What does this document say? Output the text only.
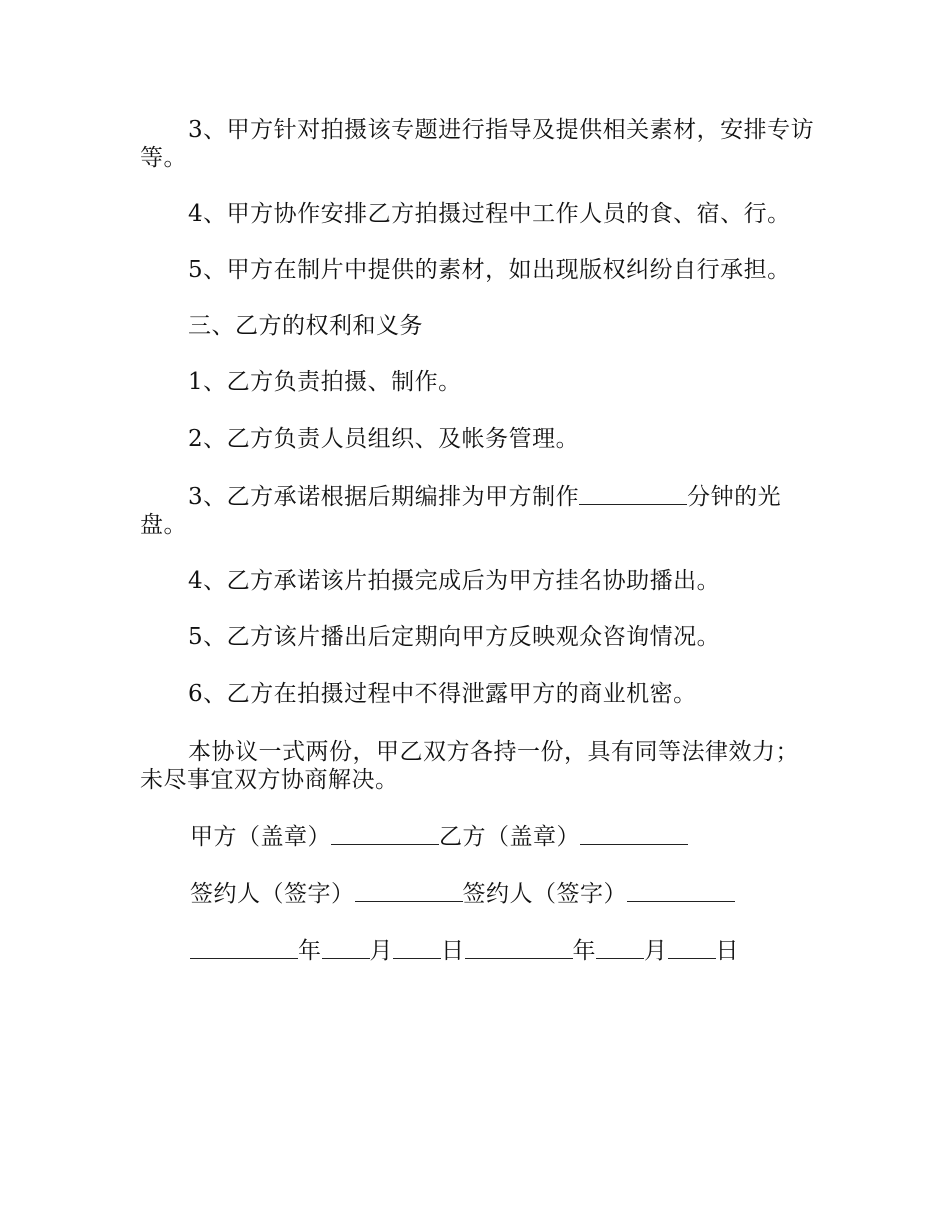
3、甲方针对拍摄该专题进行指导及提供相关素材，安排专访等。

4、甲方协作安排乙方拍摄过程中工作人员的食、宿、行。

5、甲方在制片中提供的素材，如出现版权纠纷自行承担。

三、乙方的权利和义务

1、乙方负责拍摄、制作。

2、乙方负责人员组织、及帐务管理。

3、乙方承诺根据后期编排为甲方制作	分钟的光盘。

4、乙方承诺该片拍摄完成后为甲方挂名协助播出。

5、乙方该片播出后定期向甲方反映观众咨询情况。

6、乙方在拍摄过程中不得泄露甲方的商业机密。

本协议一式两份，甲乙双方各持一份，具有同等法律效力；未尽事宜双方协商解决。

甲方（盖章）	乙方（盖章）

签约人（签字）	签约人（签字）

年 月 日	年 月 日
